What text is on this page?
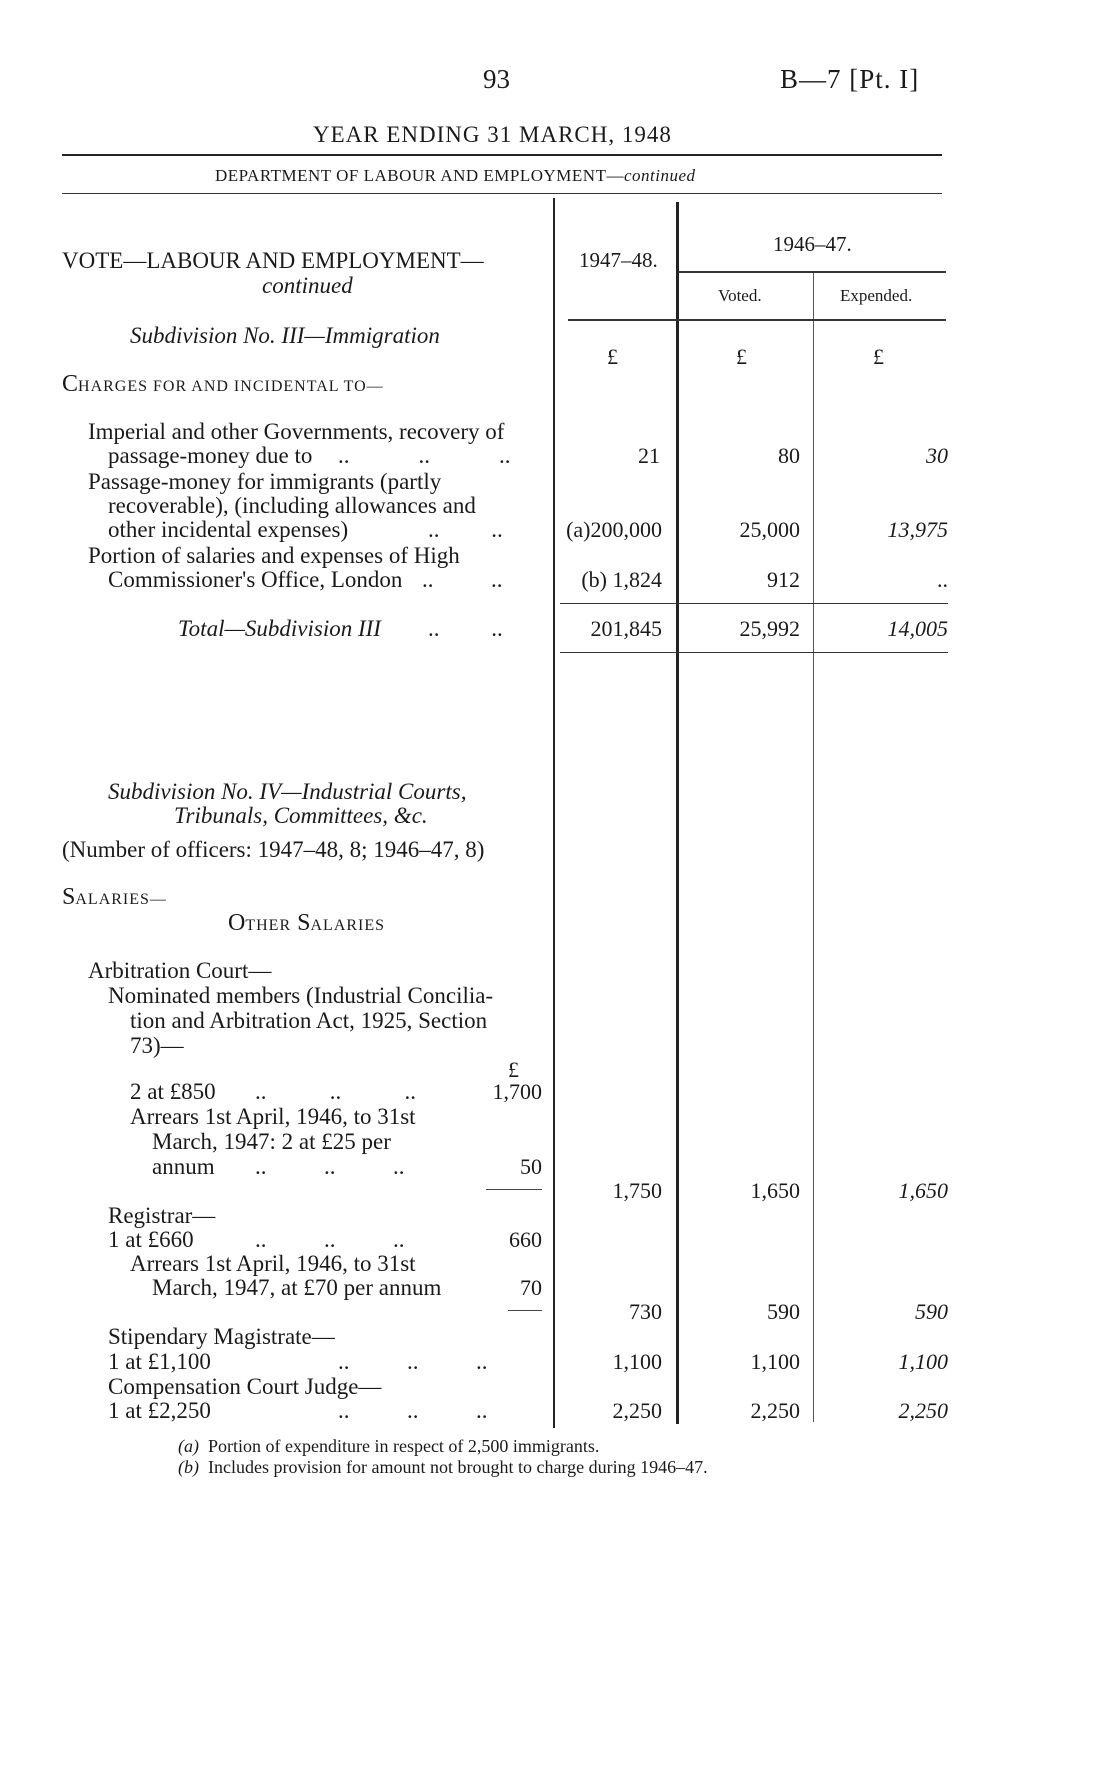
93	B—7 [Pt. I]
YEAR ENDING 31 MARCH, 1948
DEPARTMENT OF LABOUR AND EMPLOYMENT—continued
VOTE—LABOUR AND EMPLOYMENT—
continued
1947–48.
1946–47.
Voted.	Expended.
Subdivision No. III—Immigration
£	£	£
CHARGES FOR AND INCIDENTAL TO—
Imperial and other Governments, recovery of
passage-money due to ..            ..            ..	21	80	30
Passage-money for immigrants (partly
recoverable), (including allowances and
other incidental expenses)	..         ..	(a)200,000	25,000	13,975
Portion of salaries and expenses of High
Commissioner's Office, London ..          ..	(b) 1,824	912	..
Total—Subdivision III ..         ..	201,845	25,992	14,005
Subdivision No. IV—Industrial Courts,
Tribunals, Committees, &c.
(Number of officers: 1947–48, 8; 1946–47, 8)
SALARIES—
OTHER SALARIES
Arbitration Court—
Nominated members (Industrial Concilia-
tion and Arbitration Act, 1925, Section
73)—
£
2 at £850 ..           ..           ..	1,700
Arrears 1st April, 1946, to 31st
March, 1947: 2 at £25 per
annum ..          ..          ..	50
1,750	1,650	1,650
Registrar—
1 at £660	..          ..          ..	660
Arrears 1st April, 1946, to 31st
March, 1947, at £70 per annum	70
730	590	590
Stipendary Magistrate—
1 at £1,100	..          ..          ..	1,100	1,100	1,100
Compensation Court Judge—
1 at £2,250	..          ..          ..	2,250	2,250	2,250
(a) Portion of expenditure in respect of 2,500 immigrants.
(b) Includes provision for amount not brought to charge during 1946–47.
